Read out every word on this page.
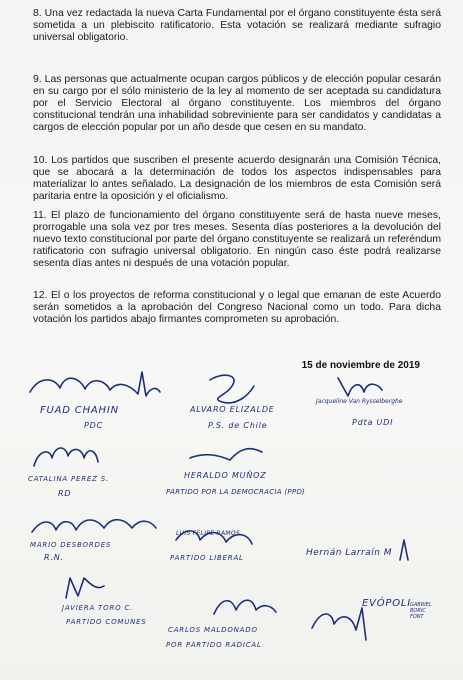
8. Una vez redactada la nueva Carta Fundamental por el órgano constituyente ésta será sometida a un plebiscito ratificatorio. Esta votación se realizará mediante sufragio universal obligatorio.

9. Las personas que actualmente ocupan cargos públicos y de elección popular cesarán en su cargo por el sólo ministerio de la ley al momento de ser aceptada su candidatura por el Servicio Electoral al órgano constituyente. Los miembros del órgano constitucional tendrán una inhabilidad sobreviniente para ser candidatos y candidatas a cargos de elección popular por un año desde que cesen en su mandato.

10. Los partidos que suscriben el presente acuerdo designarán una Comisión Técnica, que se abocará a la determinación de todos los aspectos indispensables para materializar lo antes señalado. La designación de los miembros de esta Comisión será paritaria entre la oposición y el oficialismo.

11. El plazo de funcionamiento del órgano constituyente será de hasta nueve meses, prorrogable una sola vez por tres meses. Sesenta días posteriores a la devolución del nuevo texto constitucional por parte del órgano constituyente se realizará un referéndum ratificatorio con sufragio universal obligatorio. En ningún caso éste podrá realizarse sesenta días antes ni después de una votación popular.

15 de noviembre de 2019
FUAD CHAHIN
PDC
ALVARO ELIZALDE
P.S. de Chile
Jacqueline Van Rysselberghe
Pdta UDI
CATALINA PEREZ S.
RD
HERALDO MUÑOZ
PARTIDO POR LA DEMOCRACIA (PPD)
MARIO DESBORDES
R.N.
LUIS FELIPE RAMOS
PARTIDO LIBERAL	Hernán Larraín M
EVÓPOLI
JAVIERA TORO C.
PARTIDO COMUNES
CARLOS MALDONADO
POR PARTIDO RADICAL
GABRIEL BORIC FONT

12. El o los proyectos de reforma constitucional y o legal que emanan de este Acuerdo serán sometidos a la aprobación del Congreso Nacional como un todo. Para dicha votación los partidos abajo firmantes comprometen su aprobación.
